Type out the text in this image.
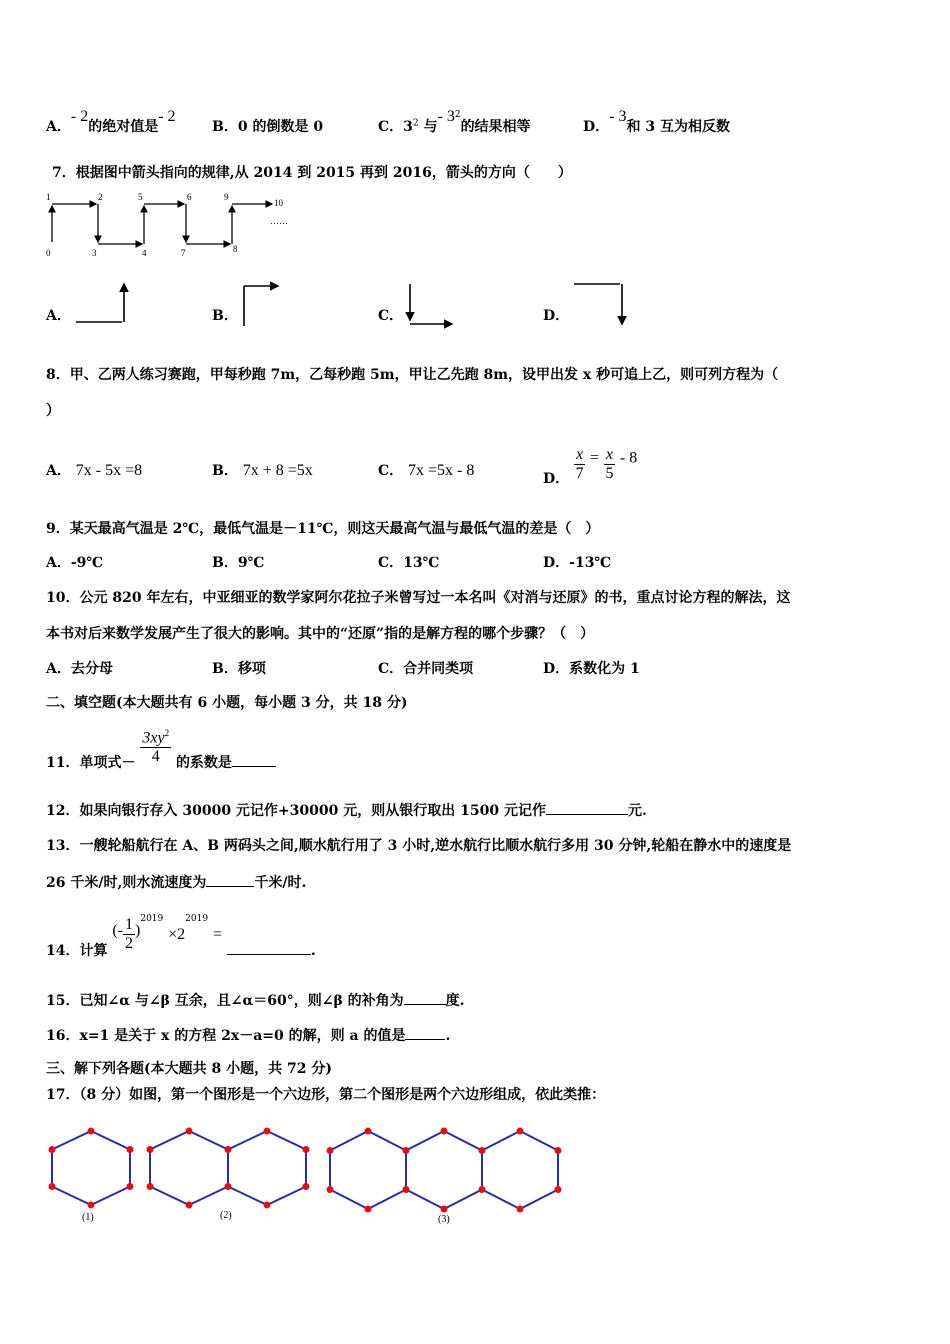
A．- 2的绝对值是- 2
B．0 的倒数是 0	C．$3^2$ 与- $3^2$的结果相等	D．- 3和 3 互为相反数
7．根据图中箭头指向的规律,从 2014 到 2015 再到 2016，箭头的方向（　　）
0
1	2
3	4
5	6
7	8
9
10
……
A．	B．	C．	D．
8．甲、乙两人练习赛跑，甲每秒跑 7m，乙每秒跑 5m，甲让乙先跑 8m，设甲出发 x 秒可追上乙，则可列方程为（
）
A． 7x - 5x =8	B． 7x + 8 =5x	C． 7x =5x - 8	D． $\frac{x}{7} = \frac{x}{5} - 8$
9．某天最高气温是 2℃，最低气温是－11℃，则这天最高气温与最低气温的差是（　）
A．-9℃	B．9℃	C．13℃	D．-13℃
10．公元 820 年左右，中亚细亚的数学家阿尔花拉子米曾写过一本名叫《对消与还原》的书，重点讨论方程的解法，这
本书对后来数学发展产生了很大的影响。其中的“还原”指的是解方程的哪个步骤？（　）
A．去分母	B．移项	C．合并同类项	D．系数化为 1
二、填空题(本大题共有 6 小题，每小题 3 分，共 18 分)
11．单项式－ $\frac{3xy^2}{4}$ 的系数是
12．如果向银行存入 30000 元记作+30000 元，则从银行取出 1500 元记作	元.
13．一艘轮船航行在 A、B 两码头之间,顺水航行用了 3 小时,逆水航行比顺水航行多用 30 分钟,轮船在静水中的速度是
26 千米/时,则水流速度为	千米/时.
14．计算 (- $\frac{1}{2} )^{2019} \times 2^{2019}$ = .
15．已知∠α 与∠β 互余，且∠α＝60°，则∠β 的补角为	度.
16．x=1 是关于 x 的方程 2x－a=0 的解，则 a 的值是	.
三、解下列各题(本大题共 8 小题，共 72 分)
17．（8 分）如图，第一个图形是一个六边形，第二个图形是两个六边形组成，依此类推：
(1)	(2)	(3)
